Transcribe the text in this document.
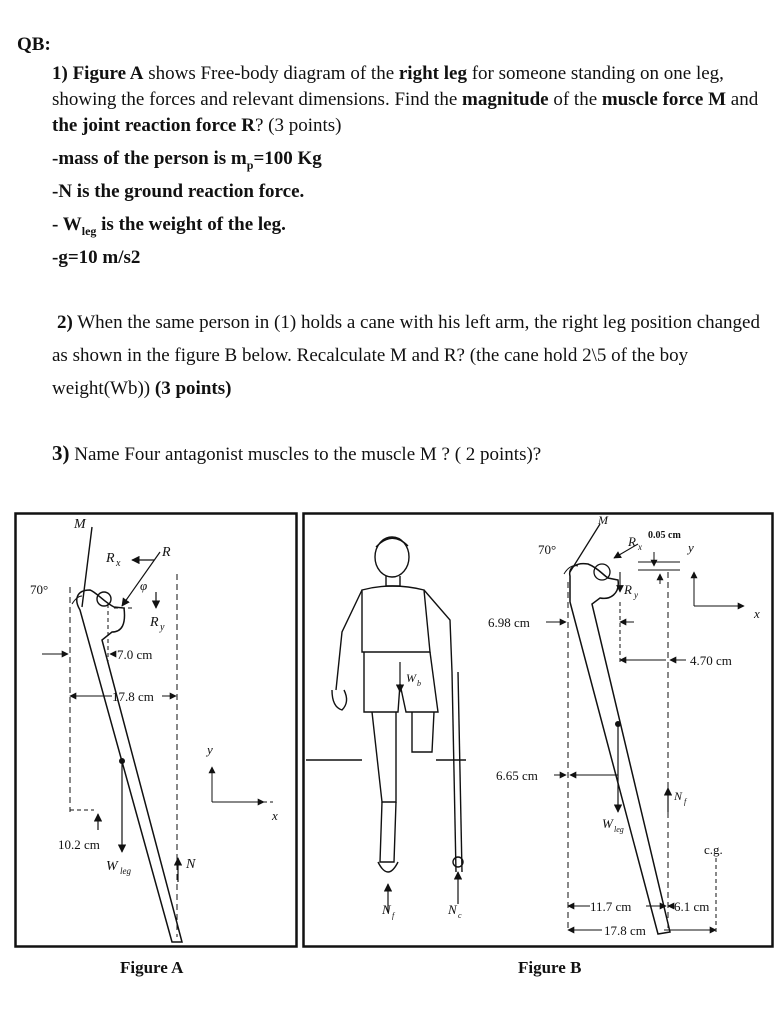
QB:
1) Figure A shows Free-body diagram of the right leg for someone standing on one leg, showing the forces and relevant dimensions. Find the magnitude of the muscle force M and the joint reaction force R? (3 points)
-mass of the person is $m_p=100$ Kg
-N is the ground reaction force.
- $W_{leg}$ is the weight of the leg.
-g=10 m/s2
2) When the same person in (1) holds a cane with his left arm, the right leg position changed as shown in the figure B below. Recalculate M and R? (the cane hold 2\5 of the boy weight(Wb)) (3 points)
3) Name Four antagonist muscles to the muscle M ? ( 2 points)?
M
70°
R
R x
φ
R y
7.0 cm
17.8 cm
W leg
10.2 cm
N
y
x
W b
N f	N c
M
70°
R x
0.05 cm
R y
y
x
6.98 cm
4.70 cm
6.65 cm
W leg
N f
c.g.
11.7 cm	6.1 cm
17.8 cm
Figure A	Figure B
